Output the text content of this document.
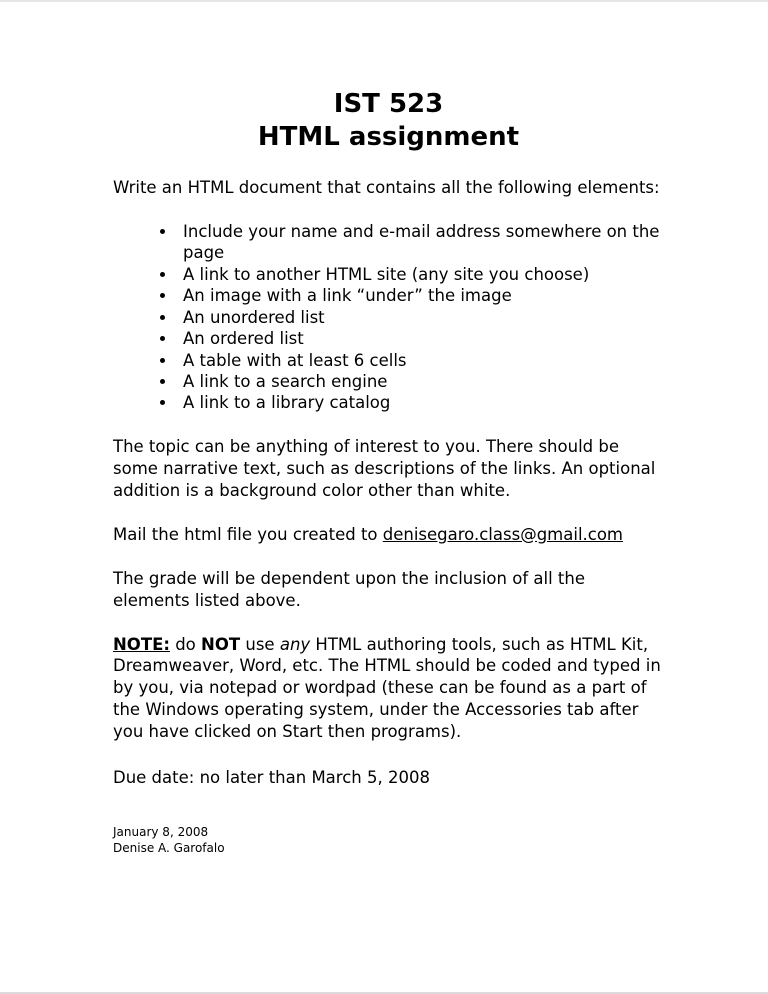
IST 523
HTML assignment

Write an HTML document that contains all the following elements:

• Include your name and e-mail address somewhere on the page
• A link to another HTML site (any site you choose)
• An image with a link “under” the image
• An unordered list
• An ordered list
• A table with at least 6 cells
• A link to a search engine
• A link to a library catalog

The topic can be anything of interest to you. There should be some narrative text, such as descriptions of the links. An optional addition is a background color other than white.

Mail the html file you created to denisegaro.class@gmail.com

The grade will be dependent upon the inclusion of all the elements listed above.

NOTE: do NOT use any HTML authoring tools, such as HTML Kit, Dreamweaver, Word, etc. The HTML should be coded and typed in by you, via notepad or wordpad (these can be found as a part of the Windows operating system, under the Accessories tab after you have clicked on Start then programs).

Due date: no later than March 5, 2008

January 8, 2008
Denise A. Garofalo
